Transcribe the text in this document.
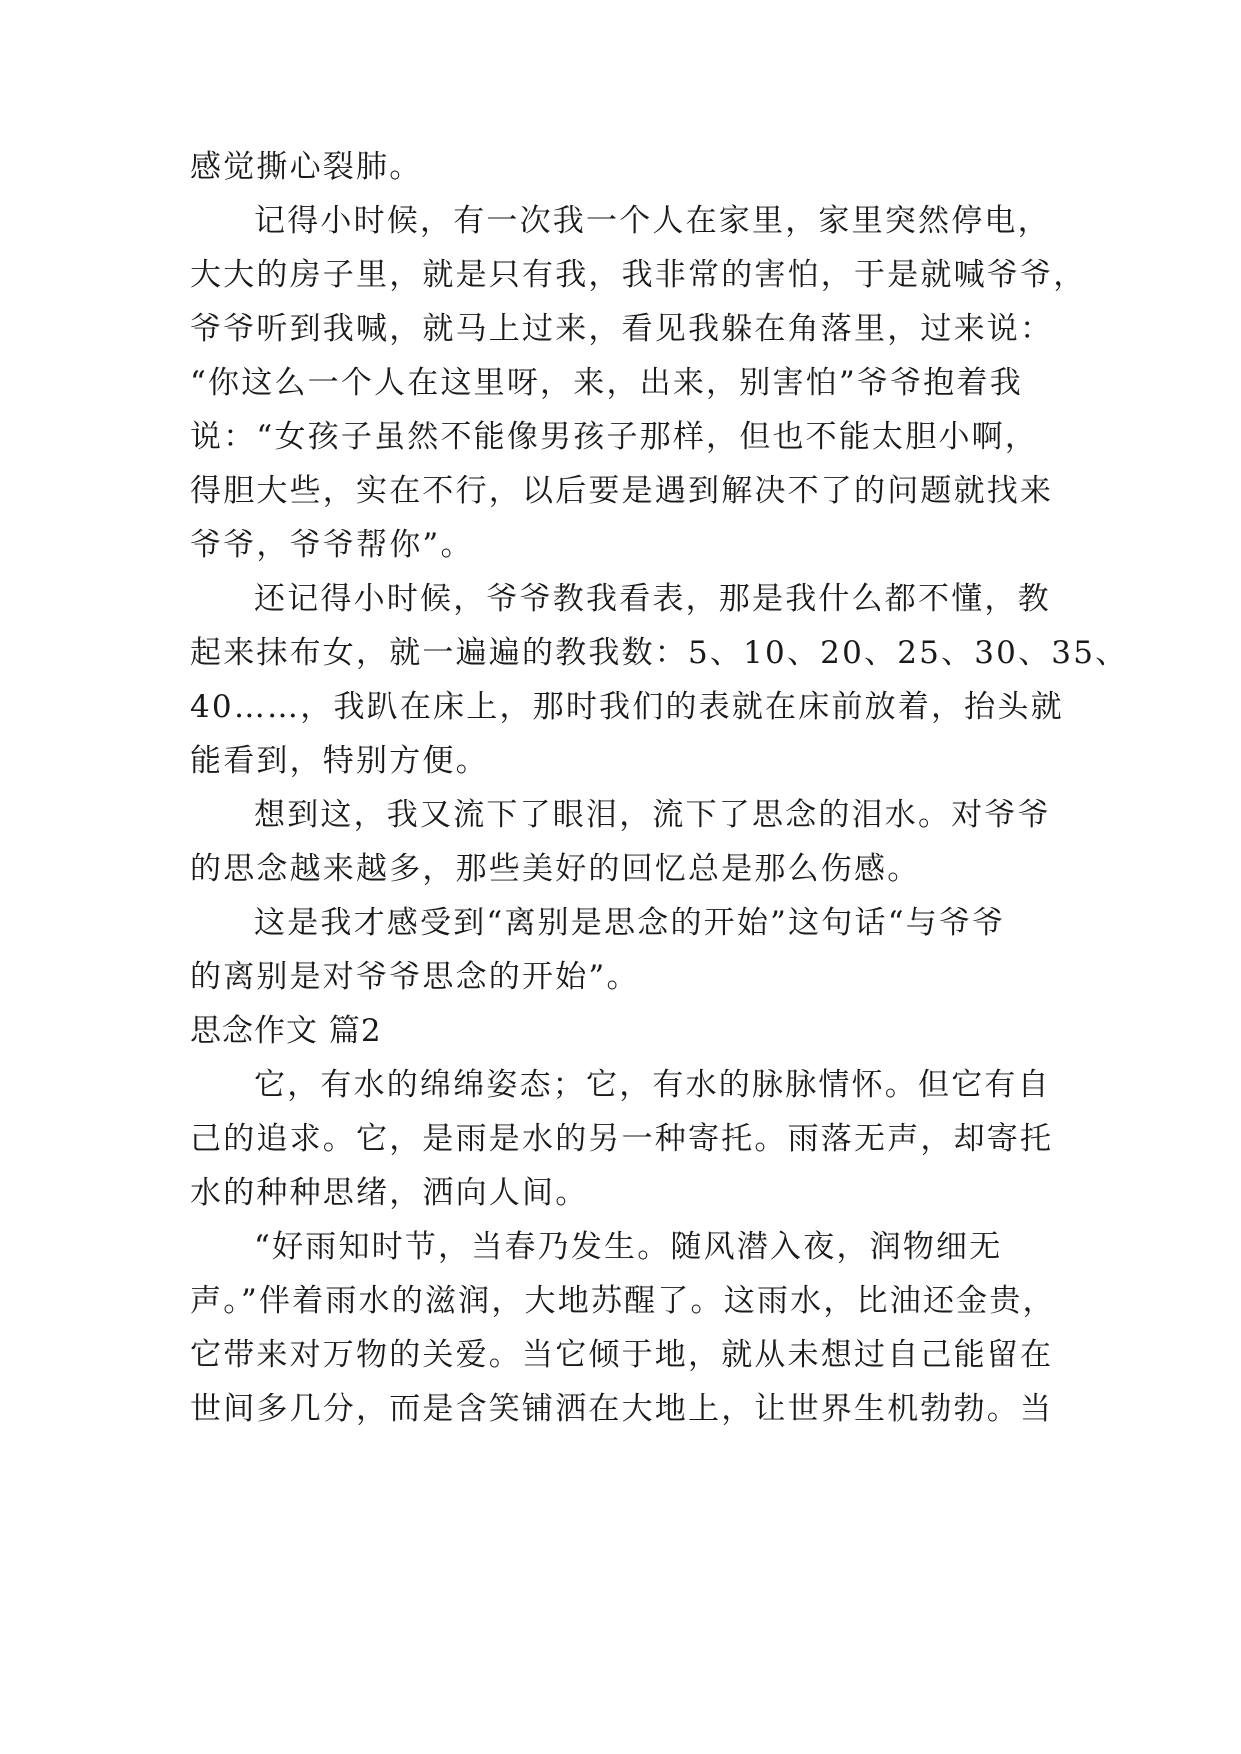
感觉撕心裂肺。
记得小时候，有一次我一个人在家里，家里突然停电，
大大的房子里，就是只有我，我非常的害怕，于是就喊爷爷，
爷爷听到我喊，就马上过来，看见我躲在角落里，过来说：
“你这么一个人在这里呀，来，出来，别害怕”爷爷抱着我
说：“女孩子虽然不能像男孩子那样，但也不能太胆小啊，
得胆大些，实在不行，以后要是遇到解决不了的问题就找来
爷爷，爷爷帮你”。
还记得小时候，爷爷教我看表，那是我什么都不懂，教
起来抹布女，就一遍遍的教我数：5、10、20、25、30、35、
40……，我趴在床上，那时我们的表就在床前放着，抬头就
能看到，特别方便。
想到这，我又流下了眼泪，流下了思念的泪水。对爷爷
的思念越来越多，那些美好的回忆总是那么伤感。
这是我才感受到“离别是思念的开始”这句话“与爷爷
的离别是对爷爷思念的开始”。
思念作文 篇2
它，有水的绵绵姿态；它，有水的脉脉情怀。但它有自
己的追求。它，是雨是水的另一种寄托。雨落无声，却寄托
水的种种思绪，洒向人间。
“好雨知时节，当春乃发生。随风潜入夜，润物细无
声。”伴着雨水的滋润，大地苏醒了。这雨水，比油还金贵，
它带来对万物的关爱。当它倾于地，就从未想过自己能留在
世间多几分，而是含笑铺洒在大地上，让世界生机勃勃。当
